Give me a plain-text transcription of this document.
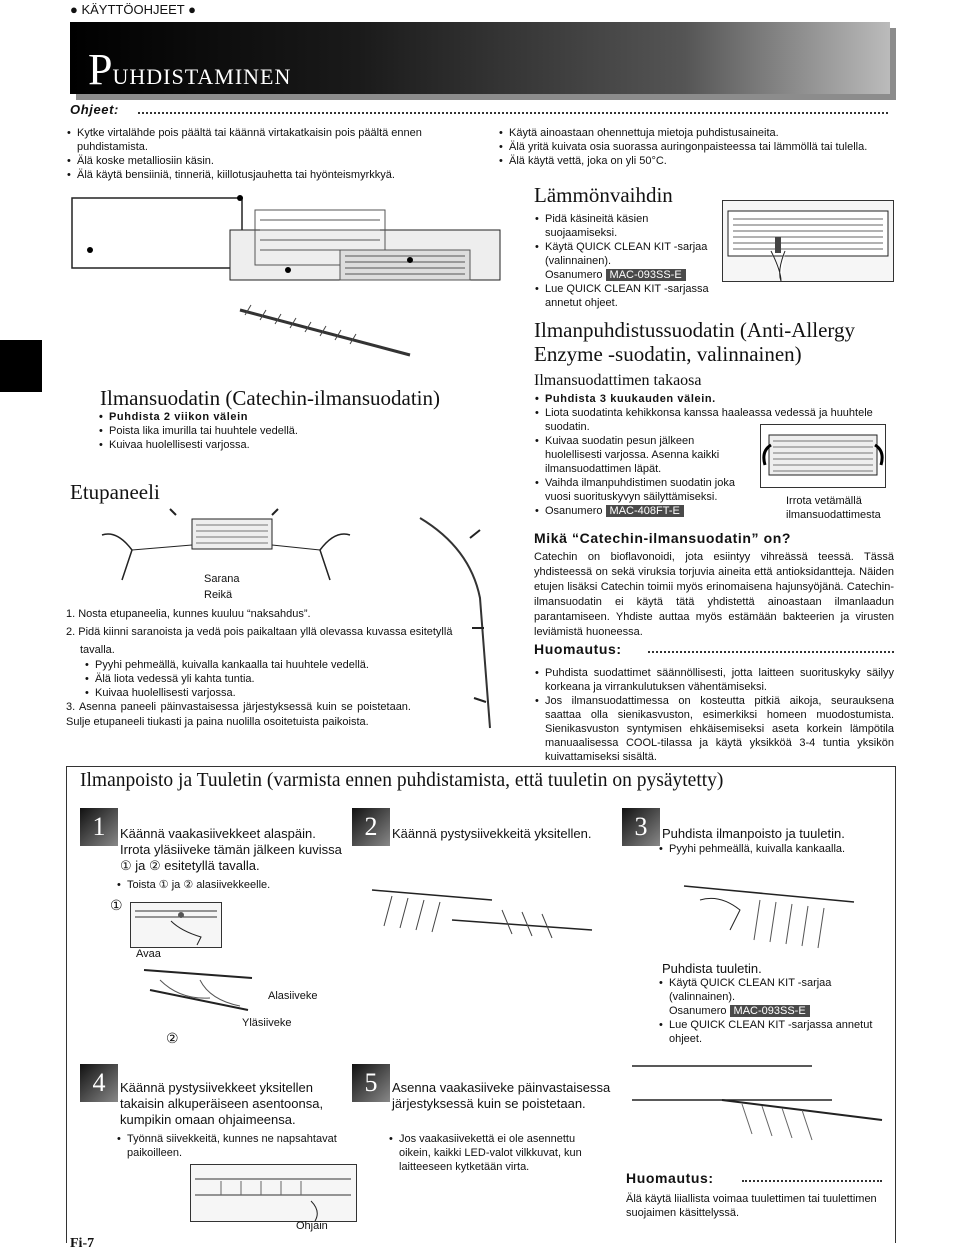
● KÄYTTÖOHJEET ●
PUHDISTAMINEN
Ohjeet:
• Kytke virtalähde pois päältä tai käännä virtakatkaisin pois päältä ennen puhdistamista.
• Älä koske metalliosiin käsin.
• Älä käytä bensiiniä, tinneriä, kiillotusjauhetta tai hyönteismyrkkyä.
• Käytä ainoastaan ohennettuja mietoja puhdistusaineita.
• Älä yritä kuivata osia suorassa auringonpaisteessa tai lämmöllä tai tulella.
• Älä käytä vettä, joka on yli 50°C.
Lämmönvaihdin
• Pidä käsineitä käsien suojaamiseksi.
• Käytä QUICK CLEAN KIT -sarjaa (valinnainen).
Osanumero MAC-093SS-E
• Lue QUICK CLEAN KIT -sarjassa annetut ohjeet.
Ilmansuodatin (Catechin-ilmansuodatin)
• Puhdista 2 viikon välein
• Poista lika imurilla tai huuhtele vedellä.
• Kuivaa huolellisesti varjossa.
Etupaneeli
Sarana
Reikä
1. Nosta etupaneelia, kunnes kuuluu “naksahdus”.
2. Pidä kiinni saranoista ja vedä pois paikaltaan yllä olevassa kuvassa esitetyllä
tavalla.
• Pyyhi pehmeällä, kuivalla kankaalla tai huuhtele vedellä.
• Älä liota vedessä yli kahta tuntia.
• Kuivaa huolellisesti varjossa.
3. Asenna paneeli päinvastaisessa järjestyksessä kuin se poistetaan. Sulje etupaneeli tiukasti ja paina nuolilla osoitetuista paikoista.
Ilmanpuhdistussuodatin (Anti-Allergy Enzyme -suodatin, valinnainen)
Ilmansuodattimen takaosa
• Puhdista 3 kuukauden välein.
• Liota suodatinta kehikkonsa kanssa haaleassa vedessä ja huuhtele suodatin.
• Kuivaa suodatin pesun jälkeen huolellisesti varjossa. Asenna kaikki ilmansuodattimen läpät.
• Vaihda ilmanpuhdistimen suodatin joka vuosi suorituskyvyn säilyttämiseksi.
• Osanumero MAC-408FT-E
Irrota vetämällä ilmansuodattimesta
Mikä “Catechin-ilmansuodatin” on?
Catechin on bioflavonoidi, jota esiintyy vihreässä teessä. Tässä yhdisteessä on sekä viruksia torjuvia aineita että antioksidantteja. Näiden etujen lisäksi Catechin toimii myös erinomaisena hajunsyöjänä. Catechin-ilmansuodatin ei käytä tätä yhdistettä ainoastaan ilmanlaadun parantamiseen. Yhdiste auttaa myös estämään bakteerien ja virusten leviämistä huoneessa.
Huomautus:
• Puhdista suodattimet säännöllisesti, jotta laitteen suorituskyky säilyy korkeana ja virrankulutuksen vähentämiseksi.
• Jos ilmansuodattimessa on kosteutta pitkiä aikoja, seurauksena saattaa olla sienikasvuston, esimerkiksi homeen muodostumista. Sienikasvuston syntymisen ehkäisemiseksi aseta korkein lämpötila manuaalisessa COOL-tilassa ja käytä yksikköä 3-4 tuntia yksikön kuivattamiseksi sisältä.
Ilmanpoisto ja Tuuletin (varmista ennen puhdistamista, että tuuletin on pysäytetty)
1	Käännä vaakasiivekkeet alaspäin. Irrota yläsiiveke tämän jälkeen kuvissa ① ja ② esitetyllä tavalla.
• Toista ① ja ② alasiivekkeelle.
①
Avaa
Alasiiveke
Yläsiiveke
②
2	Käännä pystysiivekkeitä yksitellen.	3	Puhdista ilmanpoisto ja tuuletin.
• Pyyhi pehmeällä, kuivalla kankaalla.
Puhdista tuuletin.
• Käytä QUICK CLEAN KIT -sarjaa (valinnainen).
Osanumero MAC-093SS-E
• Lue QUICK CLEAN KIT -sarjassa annetut ohjeet.
4	Käännä pystysiivekkeet yksitellen takaisin alkuperäiseen asentoonsa, kumpikin omaan ohjaimeensa.
• Työnnä siivekkeitä, kunnes ne napsahtavat paikoilleen.
Ohjain
5	Asenna vaakasiiveke päinvastaisessa järjestyksessä kuin se poistetaan.
• Jos vaakasiivekettä ei ole asennettu oikein, kaikki LED-valot vilkkuvat, kun laitteeseen kytketään virta.
Huomautus:
Älä käytä liiallista voimaa tuulettimen tai tuulettimen suojaimen käsittelyssä.
Fi-7
